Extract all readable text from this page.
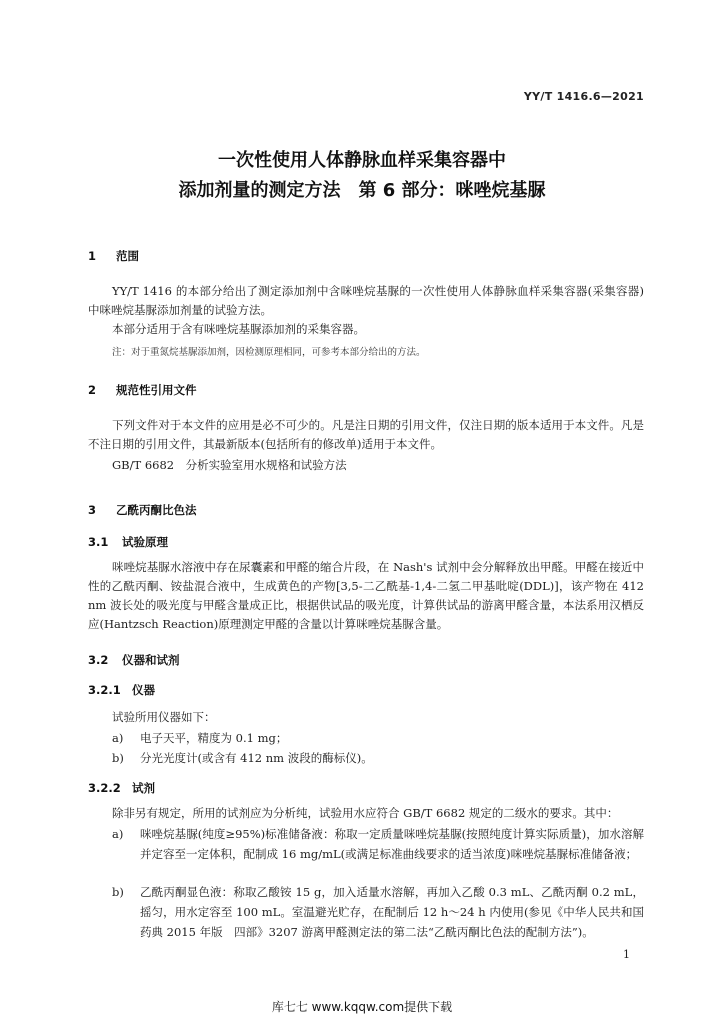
YY/T 1416.6—2021
一次性使用人体静脉血样采集容器中
添加剂量的测定方法　第 6 部分：咪唑烷基脲
1 范围
YY/T 1416 的本部分给出了测定添加剂中含咪唑烷基脲的一次性使用人体静脉血样采集容器(采集容器)中咪唑烷基脲添加剂量的试验方法。
本部分适用于含有咪唑烷基脲添加剂的采集容器。
注：对于重氮烷基脲添加剂，因检测原理相同，可参考本部分给出的方法。
2 规范性引用文件
下列文件对于本文件的应用是必不可少的。凡是注日期的引用文件，仅注日期的版本适用于本文件。凡是不注日期的引用文件，其最新版本(包括所有的修改单)适用于本文件。
GB/T 6682　分析实验室用水规格和试验方法
3 乙酰丙酮比色法
3.1 试验原理
咪唑烷基脲水溶液中存在尿囊素和甲醛的缩合片段，在 Nash's 试剂中会分解释放出甲醛。甲醛在接近中性的乙酰丙酮、铵盐混合液中，生成黄色的产物[3,5-二乙酰基-1,4-二氢二甲基吡啶(DDL)]，该产物在 412 nm 波长处的吸光度与甲醛含量成正比，根据供试品的吸光度，计算供试品的游离甲醛含量，本法系用汉栖反应(Hantzsch Reaction)原理测定甲醛的含量以计算咪唑烷基脲含量。
3.2 仪器和试剂
3.2.1 仪器
试验所用仪器如下：
a) 电子天平，精度为 0.1 mg；
b) 分光光度计(或含有 412 nm 波段的酶标仪)。
3.2.2 试剂
除非另有规定，所用的试剂应为分析纯，试验用水应符合 GB/T 6682 规定的二级水的要求。其中：
a) 咪唑烷基脲(纯度≥95%)标准储备液：称取一定质量咪唑烷基脲(按照纯度计算实际质量)，加水溶解并定容至一定体积，配制成 16 mg/mL(或满足标准曲线要求的适当浓度)咪唑烷基脲标准储备液；
b) 乙酰丙酮显色液：称取乙酸铵 15 g，加入适量水溶解，再加入乙酸 0.3 mL、乙酰丙酮 0.2 mL，摇匀，用水定容至 100 mL。室温避光贮存，在配制后 12 h～24 h 内使用(参见《中华人民共和国药典 2015 年版　四部》3207 游离甲醛测定法的第二法“乙酰丙酮比色法的配制方法”)。
1
库七七 www.kqqw.com提供下载
